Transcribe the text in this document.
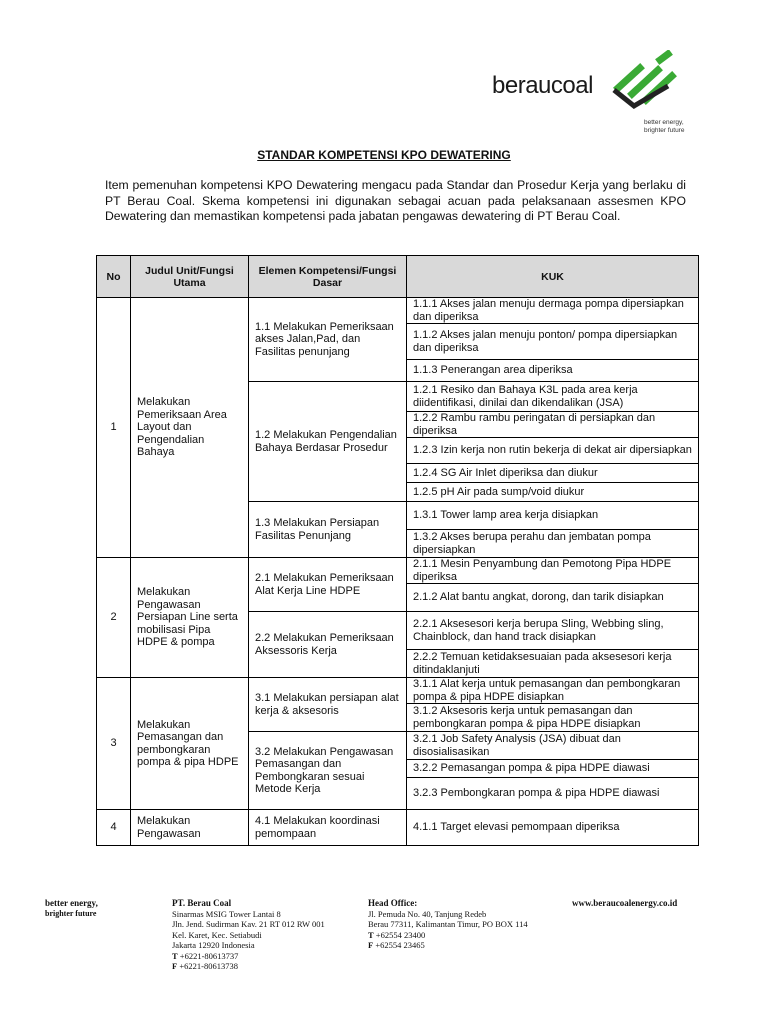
beraucoal
better energy,
brighter future
STANDAR KOMPETENSI KPO DEWATERING
Item pemenuhan kompetensi KPO Dewatering mengacu pada Standar dan Prosedur Kerja yang berlaku di PT Berau Coal. Skema kompetensi ini digunakan sebagai acuan pada pelaksanaan assesmen KPO Dewatering dan memastikan kompetensi pada jabatan pengawas dewatering di PT Berau Coal.
No	Judul Unit/Fungsi Utama	Elemen Kompetensi/Fungsi Dasar	KUK
1	Melakukan Pemeriksaan Area Layout dan Pengendalian Bahaya	1.1 Melakukan Pemeriksaan akses Jalan,Pad, dan Fasilitas penunjang	1.1.1 Akses jalan menuju dermaga pompa dipersiapkan dan diperiksa
			1.1.2 Akses jalan menuju ponton/ pompa dipersiapkan dan diperiksa
			1.1.3 Penerangan area diperiksa
		1.2 Melakukan Pengendalian Bahaya Berdasar Prosedur	1.2.1 Resiko dan Bahaya K3L pada area kerja diidentifikasi, dinilai dan dikendalikan (JSA)
			1.2.2 Rambu rambu peringatan di persiapkan dan diperiksa
			1.2.3 Izin kerja non rutin bekerja di dekat air dipersiapkan
			1.2.4 SG Air Inlet diperiksa dan diukur
			1.2.5 pH Air pada sump/void diukur
		1.3 Melakukan Persiapan Fasilitas Penunjang	1.3.1 Tower lamp area kerja disiapkan
			1.3.2 Akses berupa perahu dan jembatan pompa dipersiapkan
2	Melakukan Pengawasan Persiapan Line serta mobilisasi Pipa HDPE & pompa	2.1 Melakukan Pemeriksaan Alat Kerja Line HDPE	2.1.1 Mesin Penyambung dan Pemotong Pipa HDPE diperiksa
			2.1.2 Alat bantu angkat, dorong, dan tarik disiapkan
		2.2 Melakukan Pemeriksaan Aksessoris Kerja	2.2.1 Aksesesori kerja berupa Sling, Webbing sling, Chainblock, dan hand track disiapkan
			2.2.2 Temuan ketidaksesuaian pada aksesesori kerja ditindaklanjuti
3	Melakukan Pemasangan dan pembongkaran pompa & pipa HDPE	3.1 Melakukan persiapan alat kerja & aksesoris	3.1.1 Alat kerja untuk pemasangan dan pembongkaran pompa & pipa HDPE disiapkan
			3.1.2 Aksesoris kerja untuk pemasangan dan pembongkaran pompa & pipa HDPE disiapkan
		3.2 Melakukan Pengawasan Pemasangan dan Pembongkaran sesuai Metode Kerja	3.2.1 Job Safety Analysis (JSA) dibuat dan disosialisasikan
			3.2.2 Pemasangan pompa & pipa HDPE diawasi
			3.2.3 Pembongkaran pompa & pipa HDPE diawasi
4	Melakukan Pengawasan	4.1 Melakukan koordinasi pemompaan	4.1.1 Target elevasi pemompaan diperiksa
better energy,
brighter future
PT. Berau Coal
Sinarmas MSIG Tower Lantai 8
Jln. Jend. Sudirman Kav. 21 RT 012 RW 001
Kel. Karet, Kec. Setiabudi
Jakarta 12920 Indonesia
T +6221-80613737
F +6221-80613738
Head Office:
Jl. Pemuda No. 40, Tanjung Redeb
Berau 77311, Kalimantan Timur, PO BOX 114
T +62554 23400
F +62554 23465
www.beraucoalenergy.co.id
